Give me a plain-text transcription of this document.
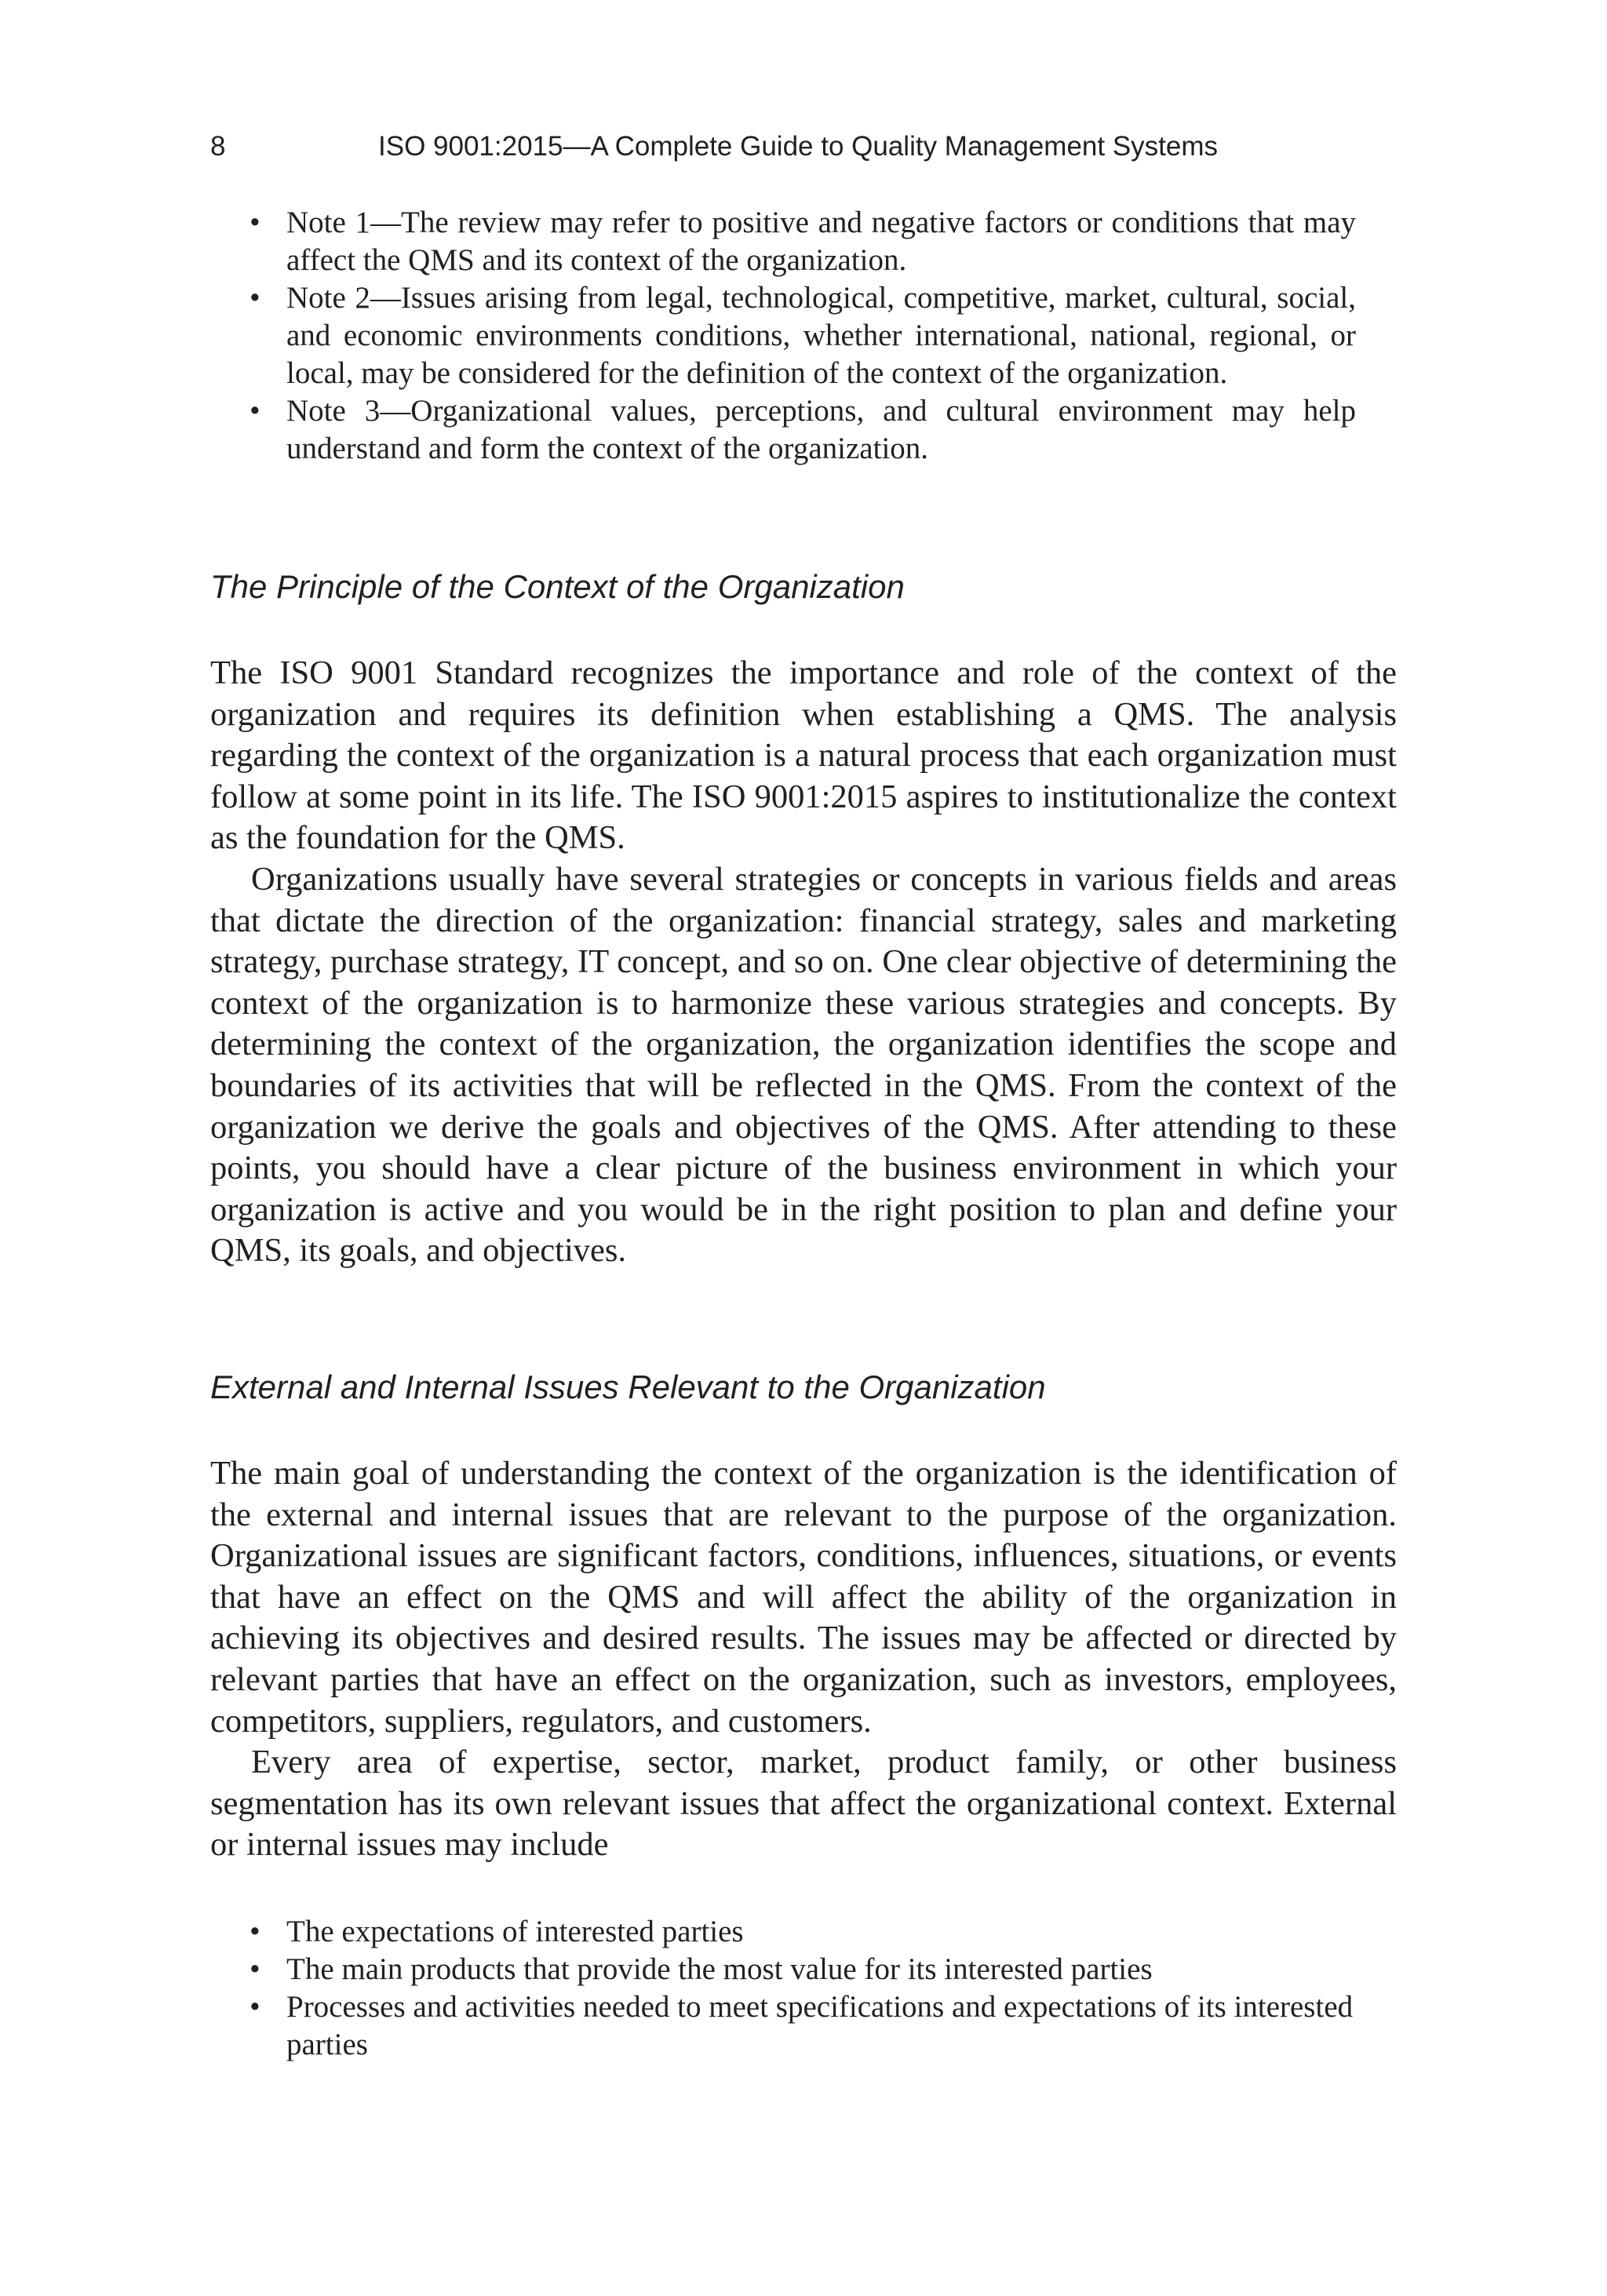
8	ISO 9001:2015—A Complete Guide to Quality Management Systems
• Note 1—The review may refer to positive and negative factors or conditions that may affect the QMS and its context of the organization.
• Note 2—Issues arising from legal, technological, competitive, market, cultural, social, and economic environments conditions, whether international, national, regional, or local, may be considered for the definition of the context of the organization.
• Note 3—Organizational values, perceptions, and cultural environment may help understand and form the context of the organization.
The Principle of the Context of the Organization

The ISO 9001 Standard recognizes the importance and role of the context of the organization and requires its definition when establishing a QMS. The analysis regarding the context of the organization is a natural process that each organization must follow at some point in its life. The ISO 9001:2015 aspires to institutionalize the context as the foundation for the QMS.

Organizations usually have several strategies or concepts in various fields and areas that dictate the direction of the organization: financial strategy, sales and marketing strategy, purchase strategy, IT concept, and so on. One clear objective of determining the context of the organization is to harmonize these various strategies and concepts. By determining the context of the organization, the organization identifies the scope and boundaries of its activities that will be reflected in the QMS. From the context of the organization we derive the goals and objectives of the QMS. After attending to these points, you should have a clear picture of the business environment in which your organization is active and you would be in the right position to plan and define your QMS, its goals, and objectives.

External and Internal Issues Relevant to the Organization

The main goal of understanding the context of the organization is the identification of the external and internal issues that are relevant to the purpose of the organization. Organizational issues are significant factors, conditions, influences, situations, or events that have an effect on the QMS and will affect the ability of the organization in achieving its objectives and desired results. The issues may be affected or directed by relevant parties that have an effect on the organization, such as investors, employees, competitors, suppliers, regulators, and customers.

Every area of expertise, sector, market, product family, or other business segmentation has its own relevant issues that affect the organizational context. External or internal issues may include

• The expectations of interested parties
• The main products that provide the most value for its interested parties
• Processes and activities needed to meet specifications and expectations of its interested parties
